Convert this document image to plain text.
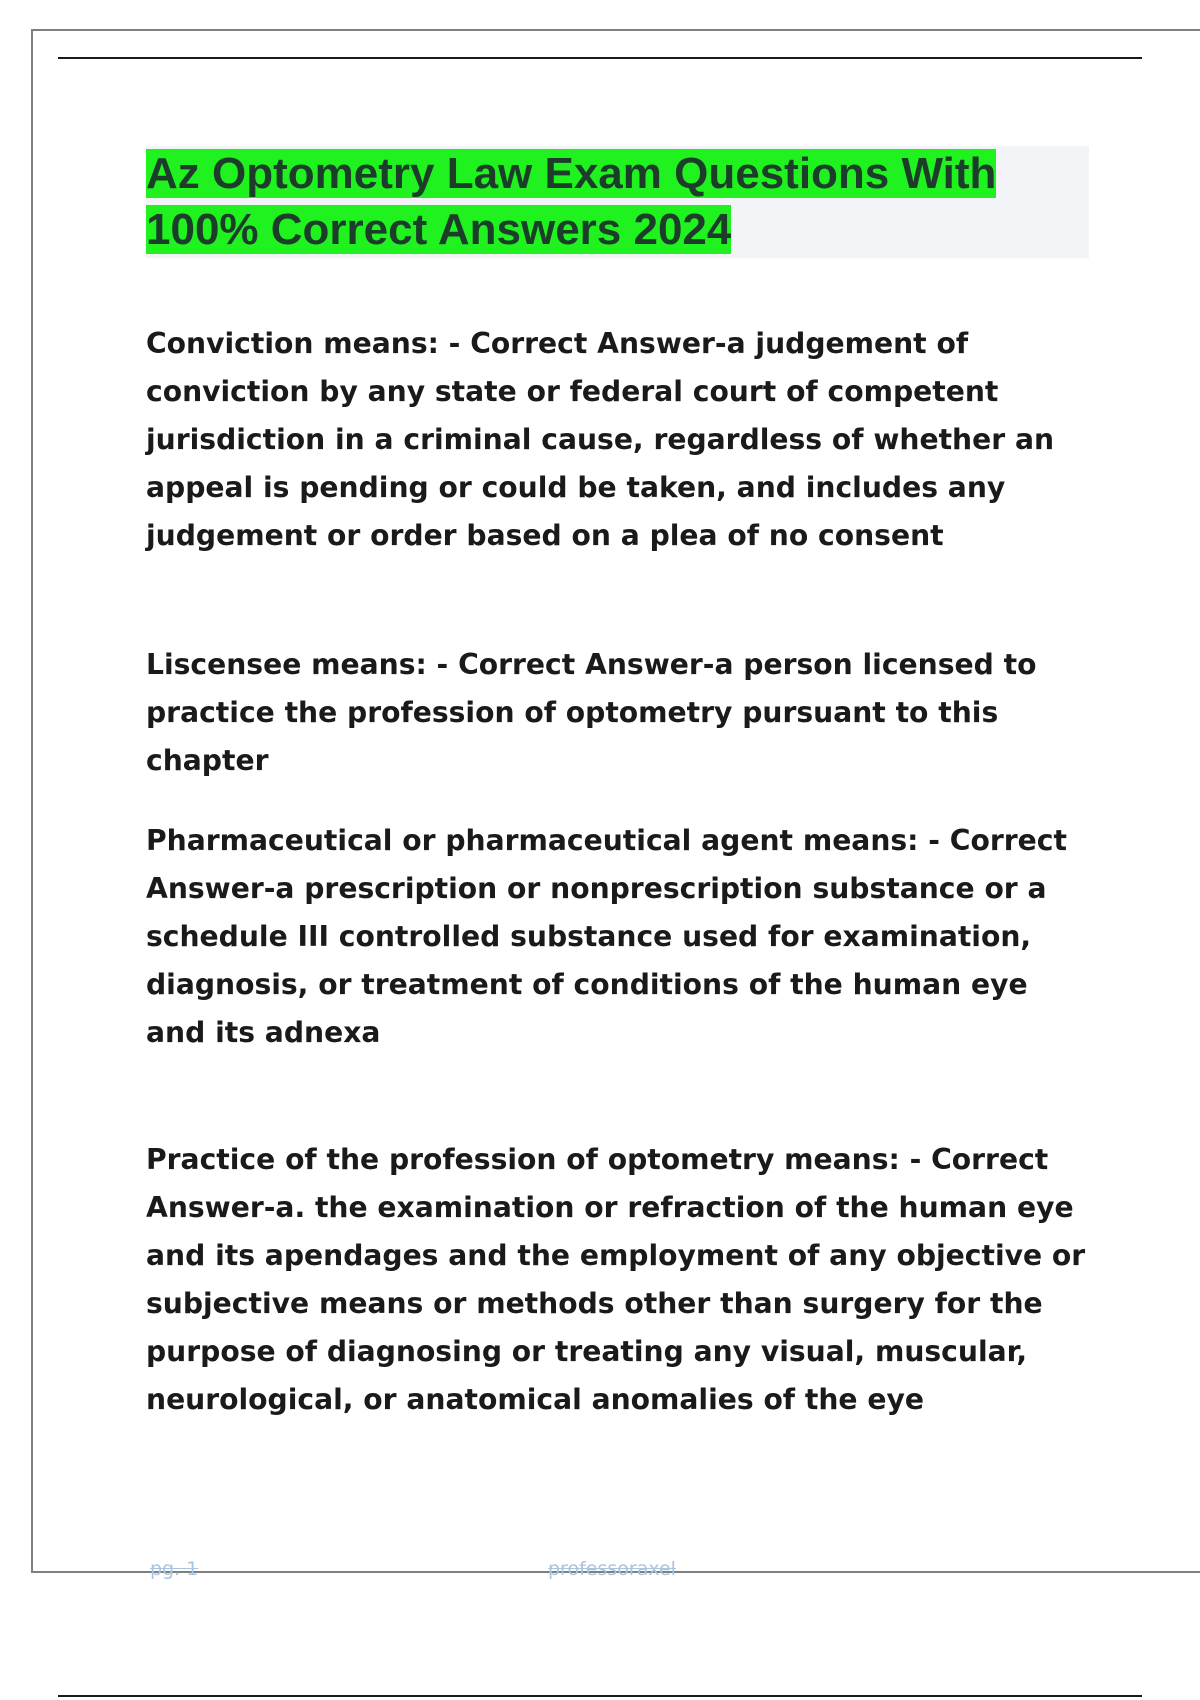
Az Optometry Law Exam Questions With 100% Correct Answers 2024

Conviction means: - Correct Answer-a judgement of conviction by any state or federal court of competent jurisdiction in a criminal cause, regardless of whether an appeal is pending or could be taken, and includes any judgement or order based on a plea of no consent

Liscensee means: - Correct Answer-a person licensed to practice the profession of optometry pursuant to this chapter

Pharmaceutical or pharmaceutical agent means: - Correct Answer-a prescription or nonprescription substance or a schedule III controlled substance used for examination, diagnosis, or treatment of conditions of the human eye and its adnexa

Practice of the profession of optometry means: - Correct Answer-a. the examination or refraction of the human eye and its apendages and the employment of any objective or subjective means or methods other than surgery for the purpose of diagnosing or treating any visual, muscular, neurological, or anatomical anomalies of the eye

pg. 1	professoraxel
